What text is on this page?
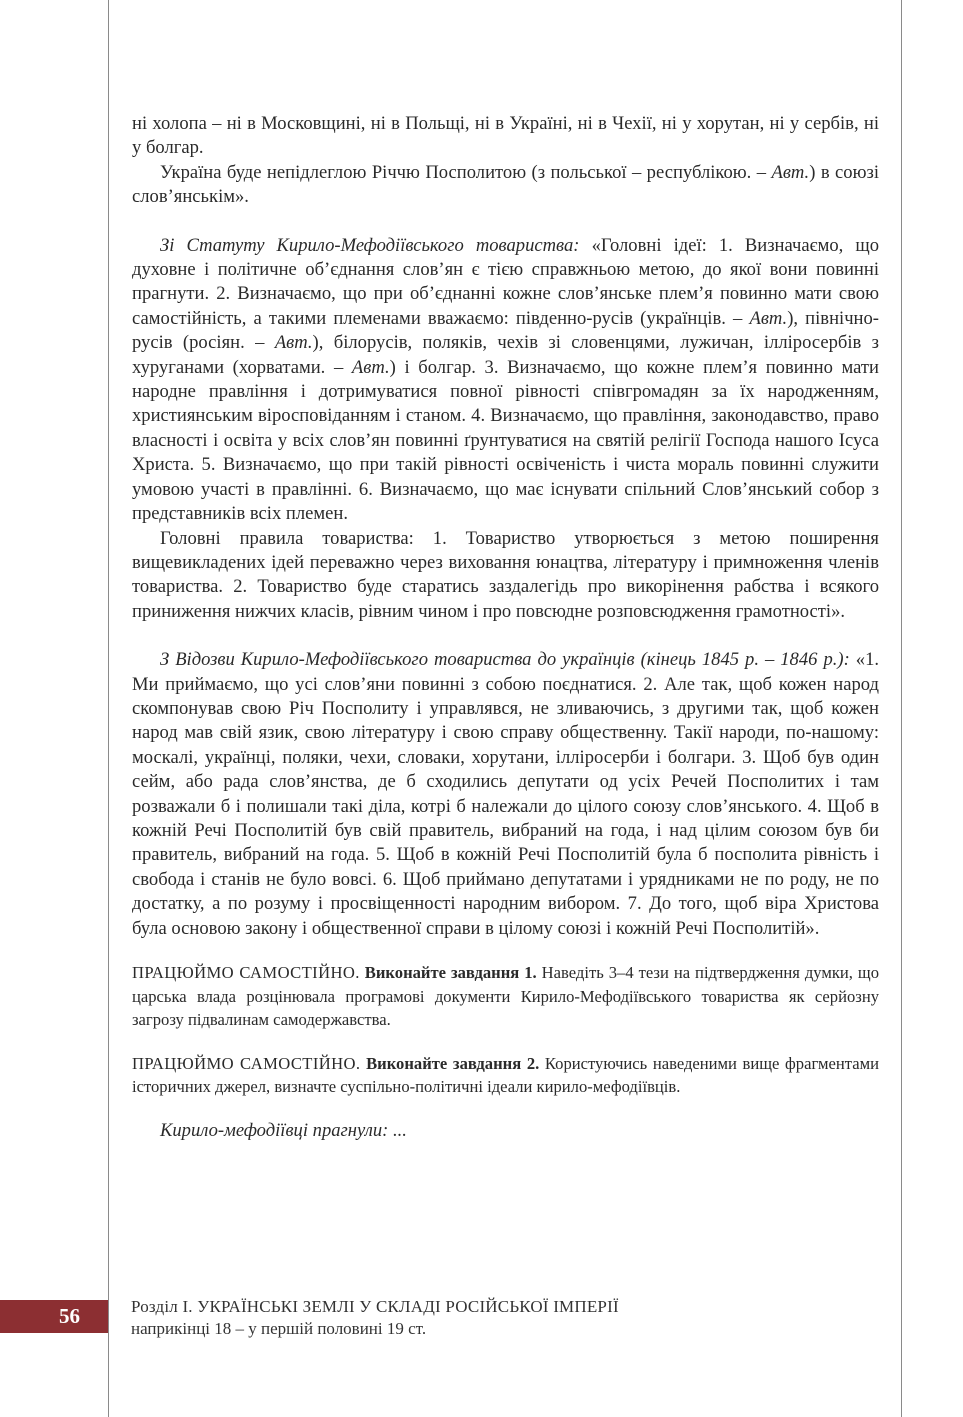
ні холопа – ні в Московщині, ні в Польщі, ні в Україні, ні в Чехії, ні у хорутан, ні у сербів, ні у болгар.

Україна буде непідлеглою Річчю Посполитою (з польської – республікою. – Авт.) в союзі слов’янськім».

Зі Статуту Кирило-Мефодіївського товариства: «Головні ідеї: 1. Визначаємо, що духовне і політичне об’єднання слов’ян є тією справжньою метою, до якої вони повинні прагнути. 2. Визначаємо, що при об’єднанні кожне слов’янське плем’я повинно мати свою самостійність, а такими племенами вважаємо: південно-русів (українців. – Авт.), північно-русів (росіян. – Авт.), білорусів, поляків, чехів зі словенцями, лужичан, ілліросербів з хуруганами (хорватами. – Авт.) і болгар. 3. Визначаємо, що кожне плем’я повинно мати народне правління і дотримуватися повної рівності співгромадян за їх народженням, християнським віросповіданням і станом. 4. Визначаємо, що правління, законодавство, право власності і освіта у всіх слов’ян повинні ґрунтуватися на святій релігії Господа нашого Ісуса Христа. 5. Визначаємо, що при такій рівності освіченість і чиста мораль повинні служити умовою участі в правлінні. 6. Визначаємо, що має існувати спільний Слов’янський собор з представників всіх племен.

Головні правила товариства: 1. Товариство утворюється з метою поширення вищевикладених ідей переважно через виховання юнацтва, літературу і примноження членів товариства. 2. Товариство буде старатись заздалегідь про викорінення рабства і всякого приниження нижчих класів, рівним чином і про повсюдне розповсюдження грамотності».

З Відозви Кирило-Мефодіївського товариства до українців (кінець 1845 р. – 1846 р.): «1. Ми приймаємо, що усі слов’яни повинні з собою поєднатися. 2. Але так, щоб кожен народ скомпонував свою Річ Посполиту і управлявся, не зливаючись, з другими так, щоб кожен народ мав свій язик, свою літературу і свою справу общественну. Такії народи, по-нашому: москалі, українці, поляки, чехи, словаки, хорутани, іллiросерби і болгари. 3. Щоб був один сейм, або рада слов’янства, де б сходились депутати од усіх Речей Посполитих і там розважали б і полишали такі діла, котрі б належали до цілого союзу слов’янського. 4. Щоб в кожній Речі Посполитій був свій правитель, вибраний на года, і над цілим союзом був би правитель, вибраний на года. 5. Щоб в кожній Речі Посполитій була б посполита рівність і свобода і станів не було вовсі. 6. Щоб приймано депутатами і урядниками не по роду, не по достатку, а по розуму і просвіщенності народним вибором. 7. До того, щоб віра Христова була основою закону і общественної справи в цілому союзі і кожній Речі Посполитій».

ПРАЦЮЙМО САМОСТІЙНО. Виконайте завдання 1. Наведіть 3–4 тези на підтвердження думки, що царська влада розцінювала програмові документи Кирило-Мефодіївського товариства як серйозну загрозу підвалинам самодержавства.

ПРАЦЮЙМО САМОСТІЙНО. Виконайте завдання 2. Користуючись наведеними вище фрагментами історичних джерел, визначте суспільно-політичні ідеали кирило-мефодіївців.

Кирило-мефодіївці прагнули: ...

56	Розділ І. УКРАЇНСЬКІ ЗЕМЛІ У СКЛАДІ РОСІЙСЬКОЇ ІМПЕРІЇ
наприкінці 18 – у першій половині 19 ст.
